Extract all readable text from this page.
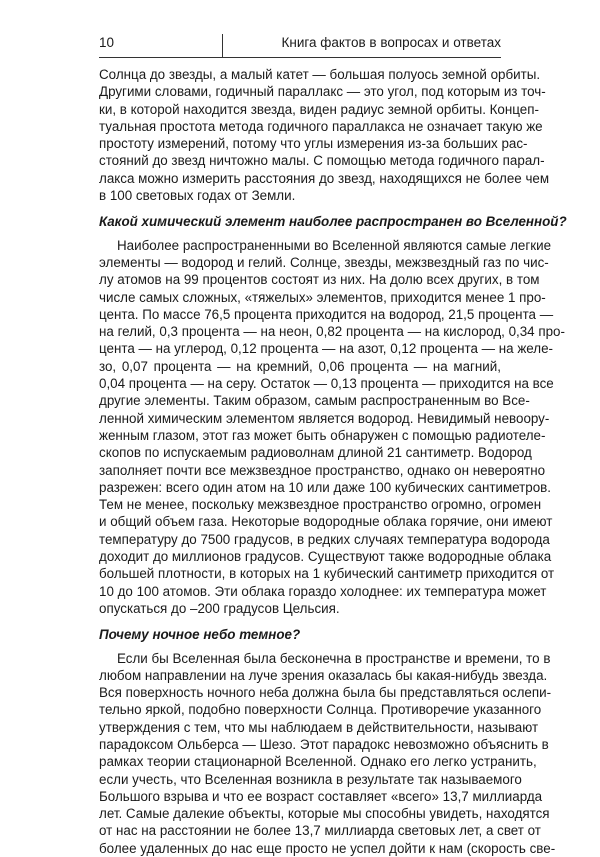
10	Книга фактов в вопросах и ответах
Солнца до звезды, а малый катет — большая полуось земной орбиты.
Другими словами, годичный параллакс — это угол, под которым из точ-
ки, в которой находится звезда, виден радиус земной орбиты. Концеп-
туальная простота метода годичного параллакса не означает такую же
простоту измерений, потому что углы измерения из-за больших рас-
стояний до звезд ничтожно малы. С помощью метода годичного парал-
лакса можно измерить расстояния до звезд, находящихся не более чем
в 100 световых годах от Земли.
Какой химический элемент наиболее распространен во Вселенной?
Наиболее распространенными во Вселенной являются самые легкие
элементы — водород и гелий. Солнце, звезды, межзвездный газ по чис-
лу атомов на 99 процентов состоят из них. На долю всех других, в том
числе самых сложных, «тяжелых» элементов, приходится менее 1 про-
цента. По массе 76,5 процента приходится на водород, 21,5 процента —
на гелий, 0,3 процента — на неон, 0,82 процента — на кислород, 0,34 про-
цента — на углерод, 0,12 процента — на азот, 0,12 процента — на желе-
зо, 0,07 процента — на кремний, 0,06 процента — на магний,
0,04 процента — на серу. Остаток — 0,13 процента — приходится на все
другие элементы. Таким образом, самым распространенным во Все-
ленной химическим элементом является водород. Невидимый невоору-
женным глазом, этот газ может быть обнаружен с помощью радиотеле-
скопов по испускаемым радиоволнам длиной 21 сантиметр. Водород
заполняет почти все межзвездное пространство, однако он невероятно
разрежен: всего один атом на 10 или даже 100 кубических сантиметров.
Тем не менее, поскольку межзвездное пространство огромно, огромен
и общий объем газа. Некоторые водородные облака горячие, они имеют
температуру до 7500 градусов, в редких случаях температура водорода
доходит до миллионов градусов. Существуют также водородные облака
большей плотности, в которых на 1 кубический сантиметр приходится от
10 до 100 атомов. Эти облака гораздо холоднее: их температура может
опускаться до –200 градусов Цельсия.
Почему ночное небо темное?
Если бы Вселенная была бесконечна в пространстве и времени, то в
любом направлении на луче зрения оказалась бы какая-нибудь звезда.
Вся поверхность ночного неба должна была бы представляться ослепи-
тельно яркой, подобно поверхности Солнца. Противоречие указанного
утверждения с тем, что мы наблюдаем в действительности, называют
парадоксом Ольберса — Шезо. Этот парадокс невозможно объяснить в
рамках теории стационарной Вселенной. Однако его легко устранить,
если учесть, что Вселенная возникла в результате так называемого
Большого взрыва и что ее возраст составляет «всего» 13,7 миллиарда
лет. Самые далекие объекты, которые мы способны увидеть, находятся
от нас на расстоянии не более 13,7 миллиарда световых лет, а свет от
более удаленных до нас еще просто не успел дойти к нам (скорость све-
